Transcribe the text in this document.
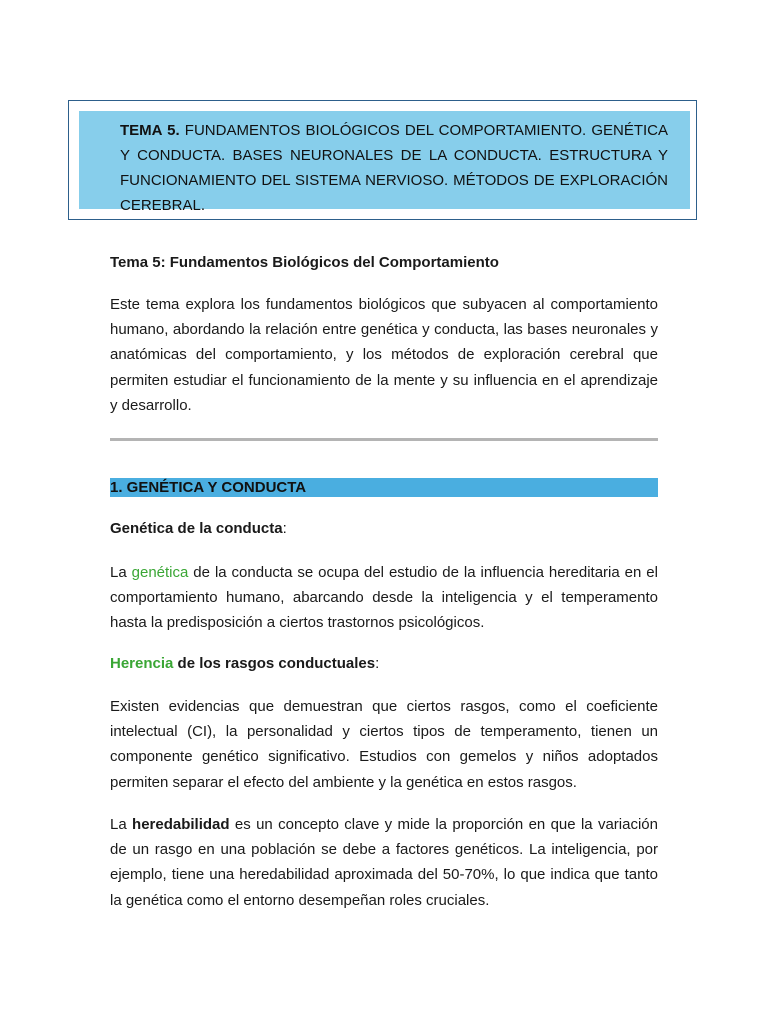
TEMA 5. FUNDAMENTOS BIOLÓGICOS DEL COMPORTAMIENTO. GENÉTICA Y CONDUCTA. BASES NEURONALES DE LA CONDUCTA. ESTRUCTURA Y FUNCIONAMIENTO DEL SISTEMA NERVIOSO. MÉTODOS DE EXPLORACIÓN CEREBRAL.
Tema 5: Fundamentos Biológicos del Comportamiento
Este tema explora los fundamentos biológicos que subyacen al comportamiento humano, abordando la relación entre genética y conducta, las bases neuronales y anatómicas del comportamiento, y los métodos de exploración cerebral que permiten estudiar el funcionamiento de la mente y su influencia en el aprendizaje y desarrollo.
1. GENÉTICA Y CONDUCTA
Genética de la conducta:
La genética de la conducta se ocupa del estudio de la influencia hereditaria en el comportamiento humano, abarcando desde la inteligencia y el temperamento hasta la predisposición a ciertos trastornos psicológicos.
Herencia de los rasgos conductuales:
Existen evidencias que demuestran que ciertos rasgos, como el coeficiente intelectual (CI), la personalidad y ciertos tipos de temperamento, tienen un componente genético significativo. Estudios con gemelos y niños adoptados permiten separar el efecto del ambiente y la genética en estos rasgos.
La heredabilidad es un concepto clave y mide la proporción en que la variación de un rasgo en una población se debe a factores genéticos. La inteligencia, por ejemplo, tiene una heredabilidad aproximada del 50-70%, lo que indica que tanto la genética como el entorno desempeñan roles cruciales.
